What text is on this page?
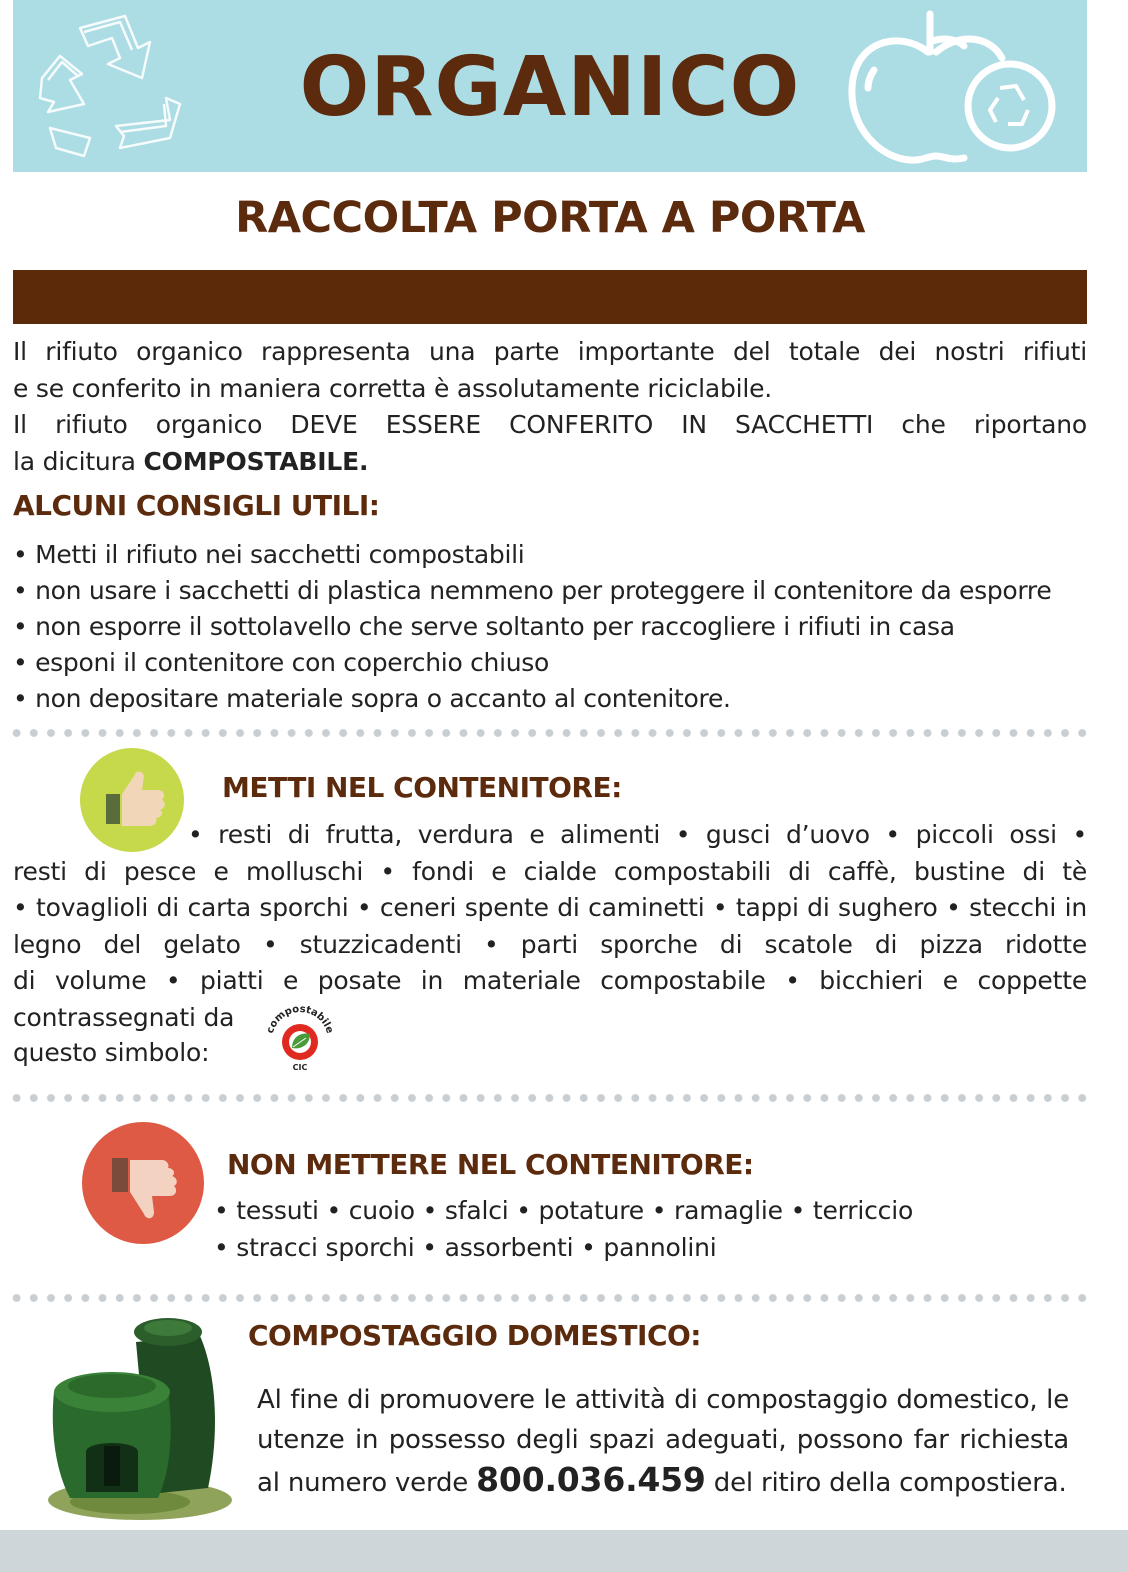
ORGANICO
RACCOLTA PORTA A PORTA
Il rifiuto organico rappresenta una parte importante del totale dei nostri rifiuti
e se conferito in maniera corretta è assolutamente riciclabile.
Il rifiuto organico DEVE ESSERE CONFERITO IN SACCHETTI che riportano
la dicitura COMPOSTABILE.
ALCUNI CONSIGLI UTILI:
• Metti il rifiuto nei sacchetti compostabili
• non usare i sacchetti di plastica nemmeno per proteggere il contenitore da esporre
• non esporre il sottolavello che serve soltanto per raccogliere i rifiuti in casa
• esponi il contenitore con coperchio chiuso
• non depositare materiale sopra o accanto al contenitore.
METTI NEL CONTENITORE:
• resti di frutta, verdura e alimenti • gusci d’uovo • piccoli ossi •
resti di pesce e molluschi • fondi e cialde compostabili di caffè, bustine di tè
• tovaglioli di carta sporchi • ceneri spente di caminetti • tappi di sughero • stecchi in
legno del gelato • stuzzicadenti • parti sporche di scatole di pizza ridotte
di volume • piatti e posate in materiale compostabile • bicchieri e coppette
contrassegnati da
questo simbolo:
compostabile
CIC
NON METTERE NEL CONTENITORE:
• tessuti • cuoio • sfalci • potature • ramaglie • terriccio
• stracci sporchi • assorbenti • pannolini
COMPOSTAGGIO DOMESTICO:
Al fine di promuovere le attività di compostaggio domestico, le
utenze in possesso degli spazi adeguati, possono far richiesta
al numero verde 800.036.459 del ritiro della compostiera.
